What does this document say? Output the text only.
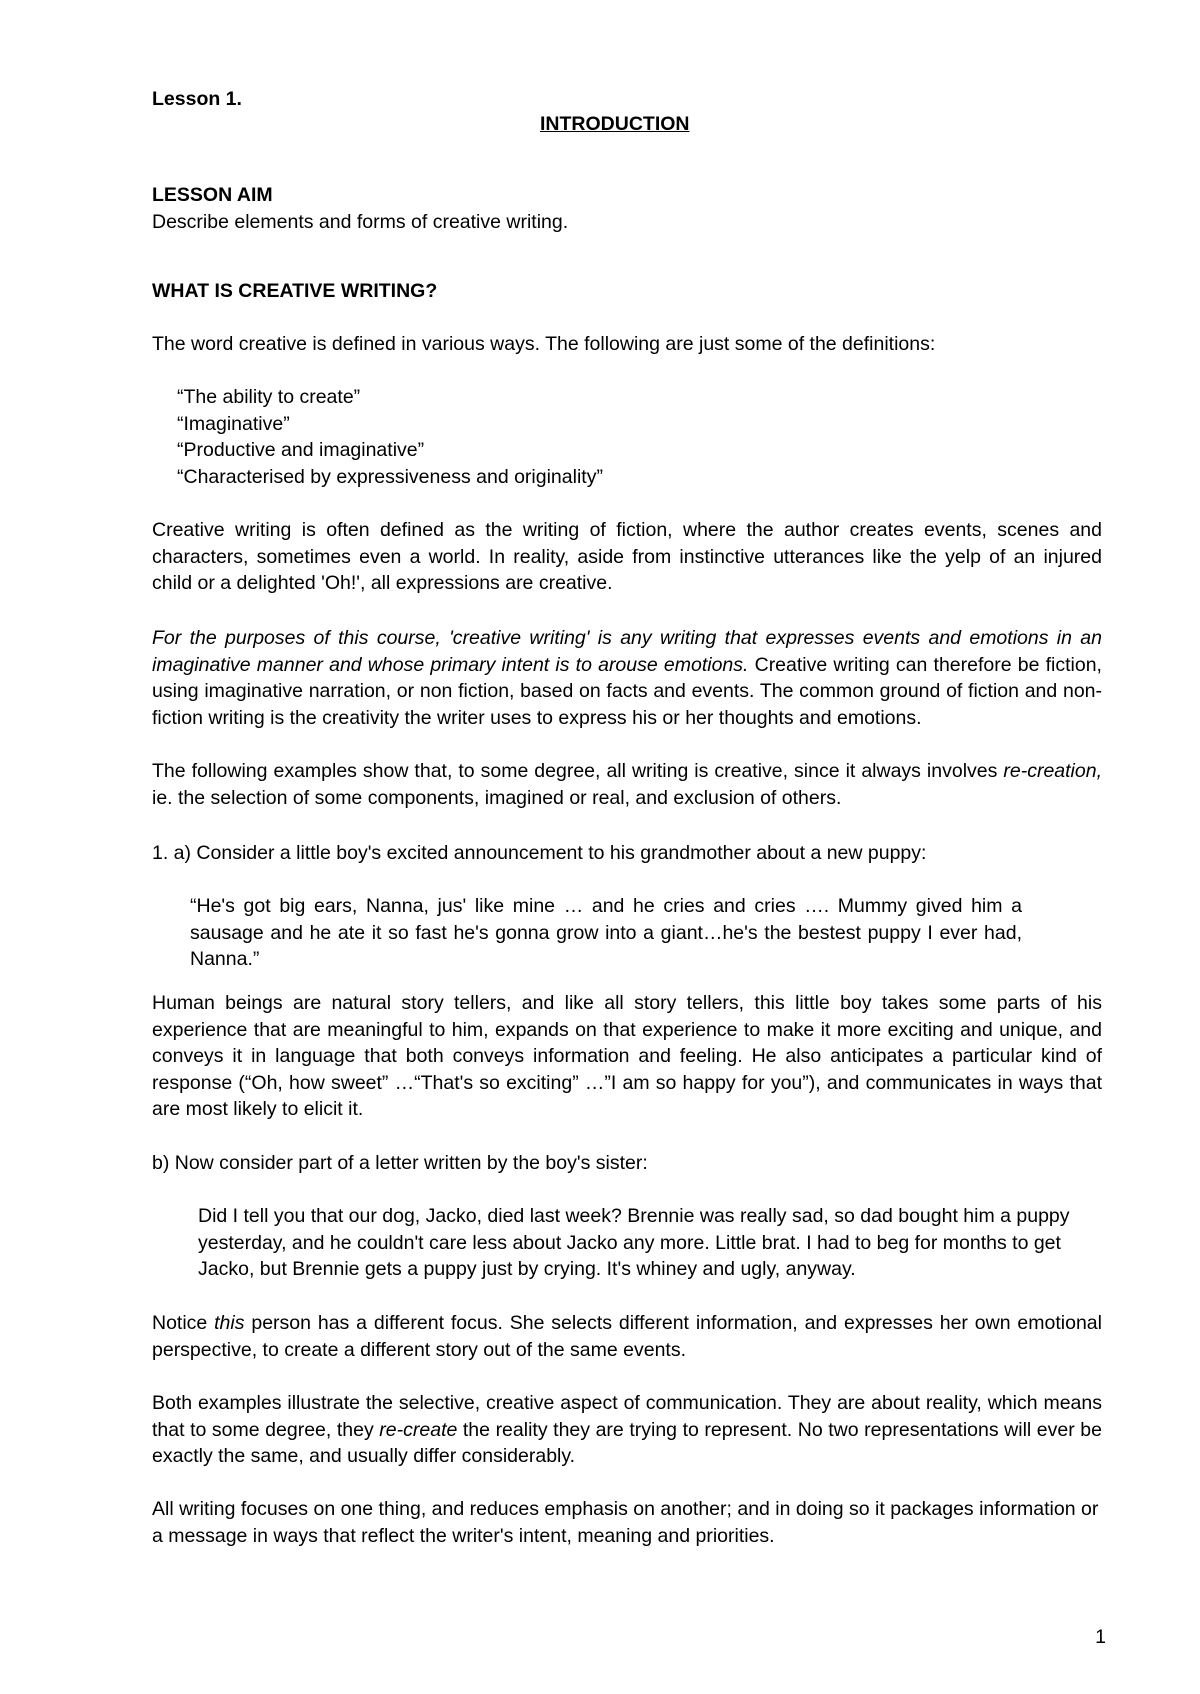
Lesson 1.
INTRODUCTION
LESSON AIM
Describe elements and forms of creative writing.
WHAT IS CREATIVE WRITING?
The word creative is defined in various ways. The following are just some of the definitions:
“The ability to create”
“Imaginative”
“Productive and imaginative”
“Characterised by expressiveness and originality”

Creative writing is often defined as the writing of fiction, where the author creates events, scenes and characters, sometimes even a world. In reality, aside from instinctive utterances like the yelp of an injured child or a delighted 'Oh!', all expressions are creative.

For the purposes of this course, 'creative writing' is any writing that expresses events and emotions in an imaginative manner and whose primary intent is to arouse emotions. Creative writing can therefore be fiction, using imaginative narration, or non fiction, based on facts and events. The common ground of fiction and non-fiction writing is the creativity the writer uses to express his or her thoughts and emotions.

The following examples show that, to some degree, all writing is creative, since it always involves re-creation, ie. the selection of some components, imagined or real, and exclusion of others.

1. a) Consider a little boy's excited announcement to his grandmother about a new puppy:

“He's got big ears, Nanna, jus' like mine … and he cries and cries …. Mummy gived him a sausage and he ate it so fast he's gonna grow into a giant…he's the bestest puppy I ever had, Nanna.”

Human beings are natural story tellers, and like all story tellers, this little boy takes some parts of his experience that are meaningful to him, expands on that experience to make it more exciting and unique, and conveys it in language that both conveys information and feeling. He also anticipates a particular kind of response (“Oh, how sweet” …“That's so exciting” …”I am so happy for you”), and communicates in ways that are most likely to elicit it.

b) Now consider part of a letter written by the boy's sister:

Did I tell you that our dog, Jacko, died last week? Brennie was really sad, so dad bought him a puppy yesterday, and he couldn't care less about Jacko any more. Little brat. I had to beg for months to get Jacko, but Brennie gets a puppy just by crying. It's whiney and ugly, anyway.

Notice this person has a different focus. She selects different information, and expresses her own emotional perspective, to create a different story out of the same events.

Both examples illustrate the selective, creative aspect of communication. They are about reality, which means that to some degree, they re-create the reality they are trying to represent. No two representations will ever be exactly the same, and usually differ considerably.

All writing focuses on one thing, and reduces emphasis on another; and in doing so it packages information or a message in ways that reflect the writer's intent, meaning and priorities.

1
